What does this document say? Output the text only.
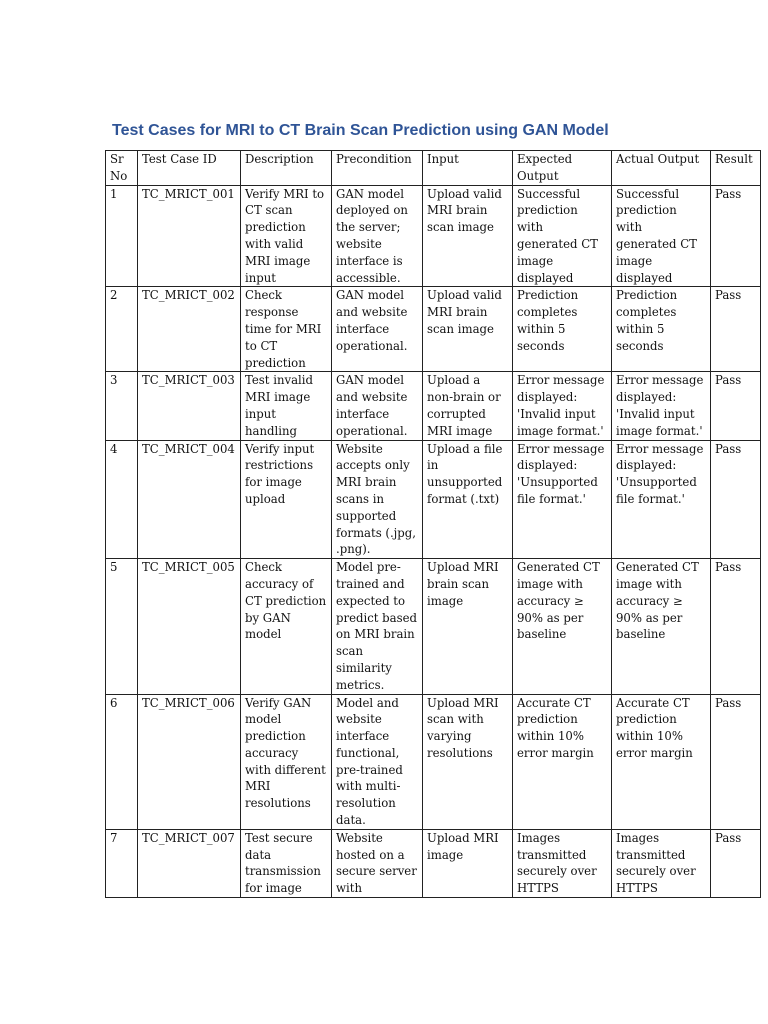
Test Cases for MRI to CT Brain Scan Prediction using GAN Model
Sr No	Test Case ID	Description	Precondition	Input	Expected Output	Actual Output	Result
1	TC_MRICT_001	Verify MRI to CT scan prediction with valid MRI image input	GAN model deployed on the server; website interface is accessible.	Upload valid MRI brain scan image	Successful prediction with generated CT image displayed	Successful prediction with generated CT image displayed	Pass
2	TC_MRICT_002	Check response time for MRI to CT prediction	GAN model and website interface operational.	Upload valid MRI brain scan image	Prediction completes within 5 seconds	Prediction completes within 5 seconds	Pass
3	TC_MRICT_003	Test invalid MRI image input handling	GAN model and website interface operational.	Upload a non-brain or corrupted MRI image	Error message displayed: 'Invalid input image format.'	Error message displayed: 'Invalid input image format.'	Pass
4	TC_MRICT_004	Verify input restrictions for image upload	Website accepts only MRI brain scans in supported formats (.jpg, .png).	Upload a file in unsupported format (.txt)	Error message displayed: 'Unsupported file format.'	Error message displayed: 'Unsupported file format.'	Pass
5	TC_MRICT_005	Check accuracy of CT prediction by GAN model	Model pre-trained and expected to predict based on MRI brain scan similarity metrics.	Upload MRI brain scan image	Generated CT image with accuracy ≥ 90% as per baseline	Generated CT image with accuracy ≥ 90% as per baseline	Pass
6	TC_MRICT_006	Verify GAN model prediction accuracy with different MRI resolutions	Model and website interface functional, pre-trained with multi-resolution data.	Upload MRI scan with varying resolutions	Accurate CT prediction within 10% error margin	Accurate CT prediction within 10% error margin	Pass
7	TC_MRICT_007	Test secure data transmission for image	Website hosted on a secure server with	Upload MRI image	Images transmitted securely over HTTPS	Images transmitted securely over HTTPS	Pass
